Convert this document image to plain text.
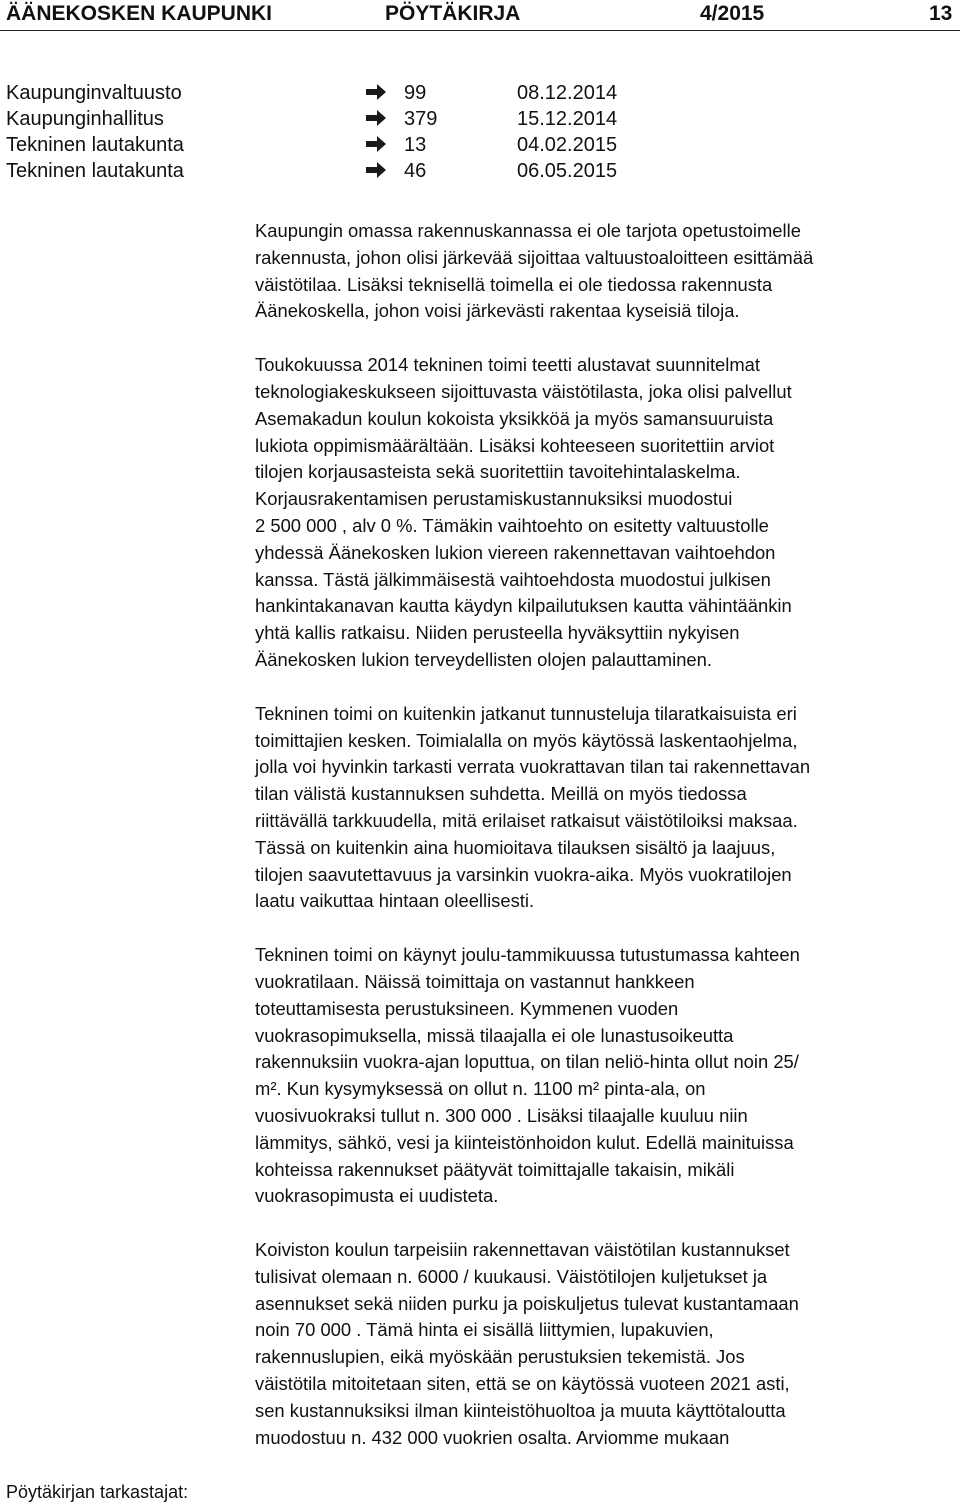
ÄÄNEKOSKEN KAUPUNKI	PÖYTÄKIRJA	4/2015	13
Kaupunginvaltuusto	99	08.12.2014
Kaupunginhallitus	379	15.12.2014
Tekninen lautakunta	13	04.02.2015
Tekninen lautakunta	46	06.05.2015

Kaupungin omassa rakennuskannassa ei ole tarjota opetustoimelle
rakennusta, johon olisi järkevää sijoittaa valtuustoaloitteen esittämää
väistötilaa. Lisäksi teknisellä toimella ei ole tiedossa rakennusta
Äänekoskella, johon voisi järkevästi rakentaa kyseisiä tiloja.

Toukokuussa 2014 tekninen toimi teetti alustavat suunnitelmat
teknologiakeskukseen sijoittuvasta väistötilasta, joka olisi palvellut
Asemakadun koulun kokoista yksikköä ja myös samansuuruista
lukiota oppimismäärältään. Lisäksi kohteeseen suoritettiin arviot
tilojen korjausasteista sekä suoritettiin tavoitehintalaskelma.
Korjausrakentamisen perustamiskustannuksiksi muodostui
2 500 000 , alv 0 %. Tämäkin vaihtoehto on esitetty valtuustolle
yhdessä Äänekosken lukion viereen rakennettavan vaihtoehdon
kanssa. Tästä jälkimmäisestä vaihtoehdosta muodostui julkisen
hankintakanavan kautta käydyn kilpailutuksen kautta vähintäänkin
yhtä kallis ratkaisu. Niiden perusteella hyväksyttiin nykyisen
Äänekosken lukion terveydellisten olojen palauttaminen.

Tekninen toimi on kuitenkin jatkanut tunnusteluja tilaratkaisuista eri
toimittajien kesken. Toimialalla on myös käytössä laskentaohjelma,
jolla voi hyvinkin tarkasti verrata vuokrattavan tilan tai rakennettavan
tilan välistä kustannuksen suhdetta. Meillä on myös tiedossa
riittävällä tarkkuudella, mitä erilaiset ratkaisut väistötiloiksi maksaa.
Tässä on kuitenkin aina huomioitava tilauksen sisältö ja laajuus,
tilojen saavutettavuus ja varsinkin vuokra-aika. Myös vuokratilojen
laatu vaikuttaa hintaan oleellisesti.

Tekninen toimi on käynyt joulu-tammikuussa tutustumassa kahteen
vuokratilaan. Näissä toimittaja on vastannut hankkeen
toteuttamisesta perustuksineen. Kymmenen vuoden
vuokrasopimuksella, missä tilaajalla ei ole lunastusoikeutta
rakennuksiin vuokra-ajan loputtua, on tilan neliö-hinta ollut noin 25/
m². Kun kysymyksessä on ollut n. 1100 m² pinta-ala, on
vuosivuokraksi tullut n. 300 000 . Lisäksi tilaajalle kuuluu niin
lämmitys, sähkö, vesi ja kiinteistönhoidon kulut. Edellä mainituissa
kohteissa rakennukset päätyvät toimittajalle takaisin, mikäli
vuokrasopimusta ei uudisteta.

Koiviston koulun tarpeisiin rakennettavan väistötilan kustannukset
tulisivat olemaan n. 6000 / kuukausi. Väistötilojen kuljetukset ja
asennukset sekä niiden purku ja poiskuljetus tulevat kustantamaan
noin 70 000 . Tämä hinta ei sisällä liittymien, lupakuvien,
rakennuslupien, eikä myöskään perustuksien tekemistä. Jos
väistötila mitoitetaan siten, että se on käytössä vuoteen 2021 asti,
sen kustannuksiksi ilman kiinteistöhuoltoa ja muuta käyttötaloutta
muodostuu n. 432 000 vuokrien osalta. Arviomme mukaan

Pöytäkirjan tarkastajat:
